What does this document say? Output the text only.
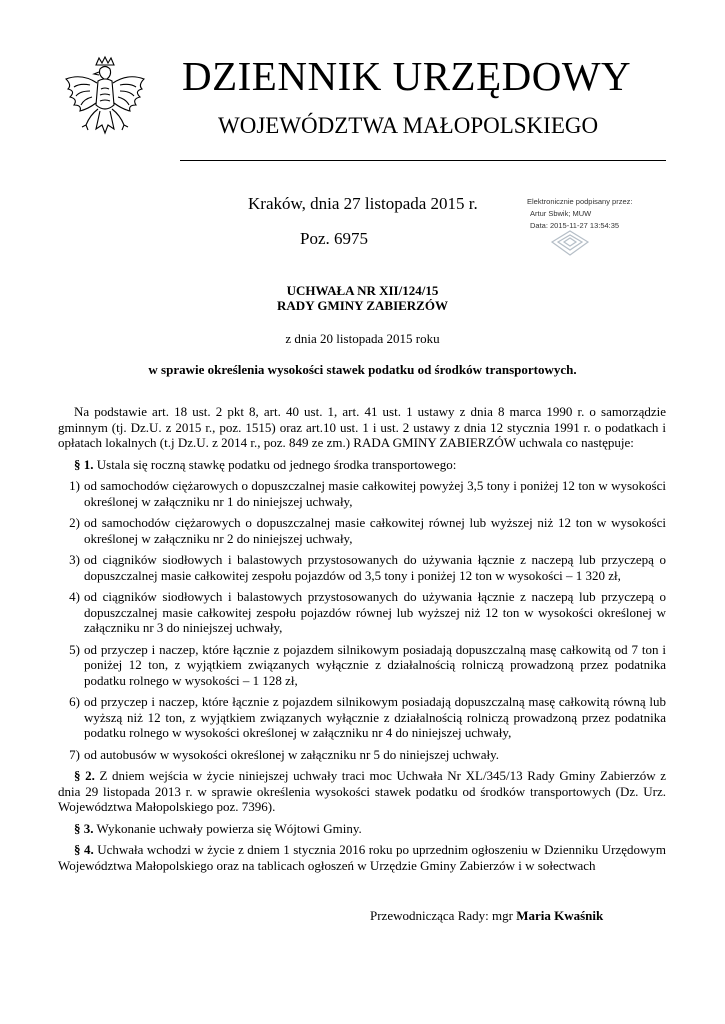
DZIENNIK URZĘDOWY
WOJEWÓDZTWA MAŁOPOLSKIEGO
Kraków, dnia 27 listopada 2015 r.
Poz. 6975
Elektronicznie podpisany przez:
Artur Sbwik; MUW
Data: 2015-11-27 13:54:35
UCHWAŁA NR XII/124/15
RADY GMINY ZABIERZÓW
z dnia 20 listopada 2015 roku
w sprawie określenia wysokości stawek podatku od środków transportowych.

Na podstawie art. 18 ust. 2 pkt 8, art. 40 ust. 1, art. 41 ust. 1 ustawy z dnia 8 marca 1990 r. o samorządzie gminnym (tj. Dz.U. z 2015 r., poz. 1515) oraz art.10 ust. 1 i ust. 2 ustawy z dnia 12 stycznia 1991 r. o podatkach i opłatach lokalnych (t.j Dz.U. z 2014 r., poz. 849 ze zm.) RADA GMINY ZABIERZÓW uchwala co następuje:

§ 1. Ustala się roczną stawkę podatku od jednego środka transportowego:

1) od samochodów ciężarowych o dopuszczalnej masie całkowitej powyżej 3,5 tony i poniżej 12 ton w wysokości określonej w załączniku nr 1 do niniejszej uchwały,
2) od samochodów ciężarowych o dopuszczalnej masie całkowitej równej lub wyższej niż 12 ton w wysokości określonej w załączniku nr 2 do niniejszej uchwały,
3) od ciągników siodłowych i balastowych przystosowanych do używania łącznie z naczepą lub przyczepą o dopuszczalnej masie całkowitej zespołu pojazdów od 3,5 tony i poniżej 12 ton w wysokości – 1 320 zł,
4) od ciągników siodłowych i balastowych przystosowanych do używania łącznie z naczepą lub przyczepą o dopuszczalnej masie całkowitej zespołu pojazdów równej lub wyższej niż 12 ton w wysokości określonej w załączniku nr 3 do niniejszej uchwały,
5) od przyczep i naczep, które łącznie z pojazdem silnikowym posiadają dopuszczalną masę całkowitą od 7 ton i poniżej 12 ton, z wyjątkiem związanych wyłącznie z działalnością rolniczą prowadzoną przez podatnika podatku rolnego w wysokości – 1 128 zł,
6) od przyczep i naczep, które łącznie z pojazdem silnikowym posiadają dopuszczalną masę całkowitą równą lub wyższą niż 12 ton, z wyjątkiem związanych wyłącznie z działalnością rolniczą prowadzoną przez podatnika podatku rolnego w wysokości określonej w załączniku nr 4 do niniejszej uchwały,
7) od autobusów w wysokości określonej w załączniku nr 5 do niniejszej uchwały.

§ 2. Z dniem wejścia w życie niniejszej uchwały traci moc Uchwała Nr XL/345/13 Rady Gminy Zabierzów z dnia 29 listopada 2013 r. w sprawie określenia wysokości stawek podatku od środków transportowych (Dz. Urz. Województwa Małopolskiego poz. 7396).

§ 3. Wykonanie uchwały powierza się Wójtowi Gminy.

§ 4. Uchwała wchodzi w życie z dniem 1 stycznia 2016 roku po uprzednim ogłoszeniu w Dzienniku Urzędowym Województwa Małopolskiego oraz na tablicach ogłoszeń w Urzędzie Gminy Zabierzów i w sołectwach

Przewodnicząca Rady: mgr Maria Kwaśnik
